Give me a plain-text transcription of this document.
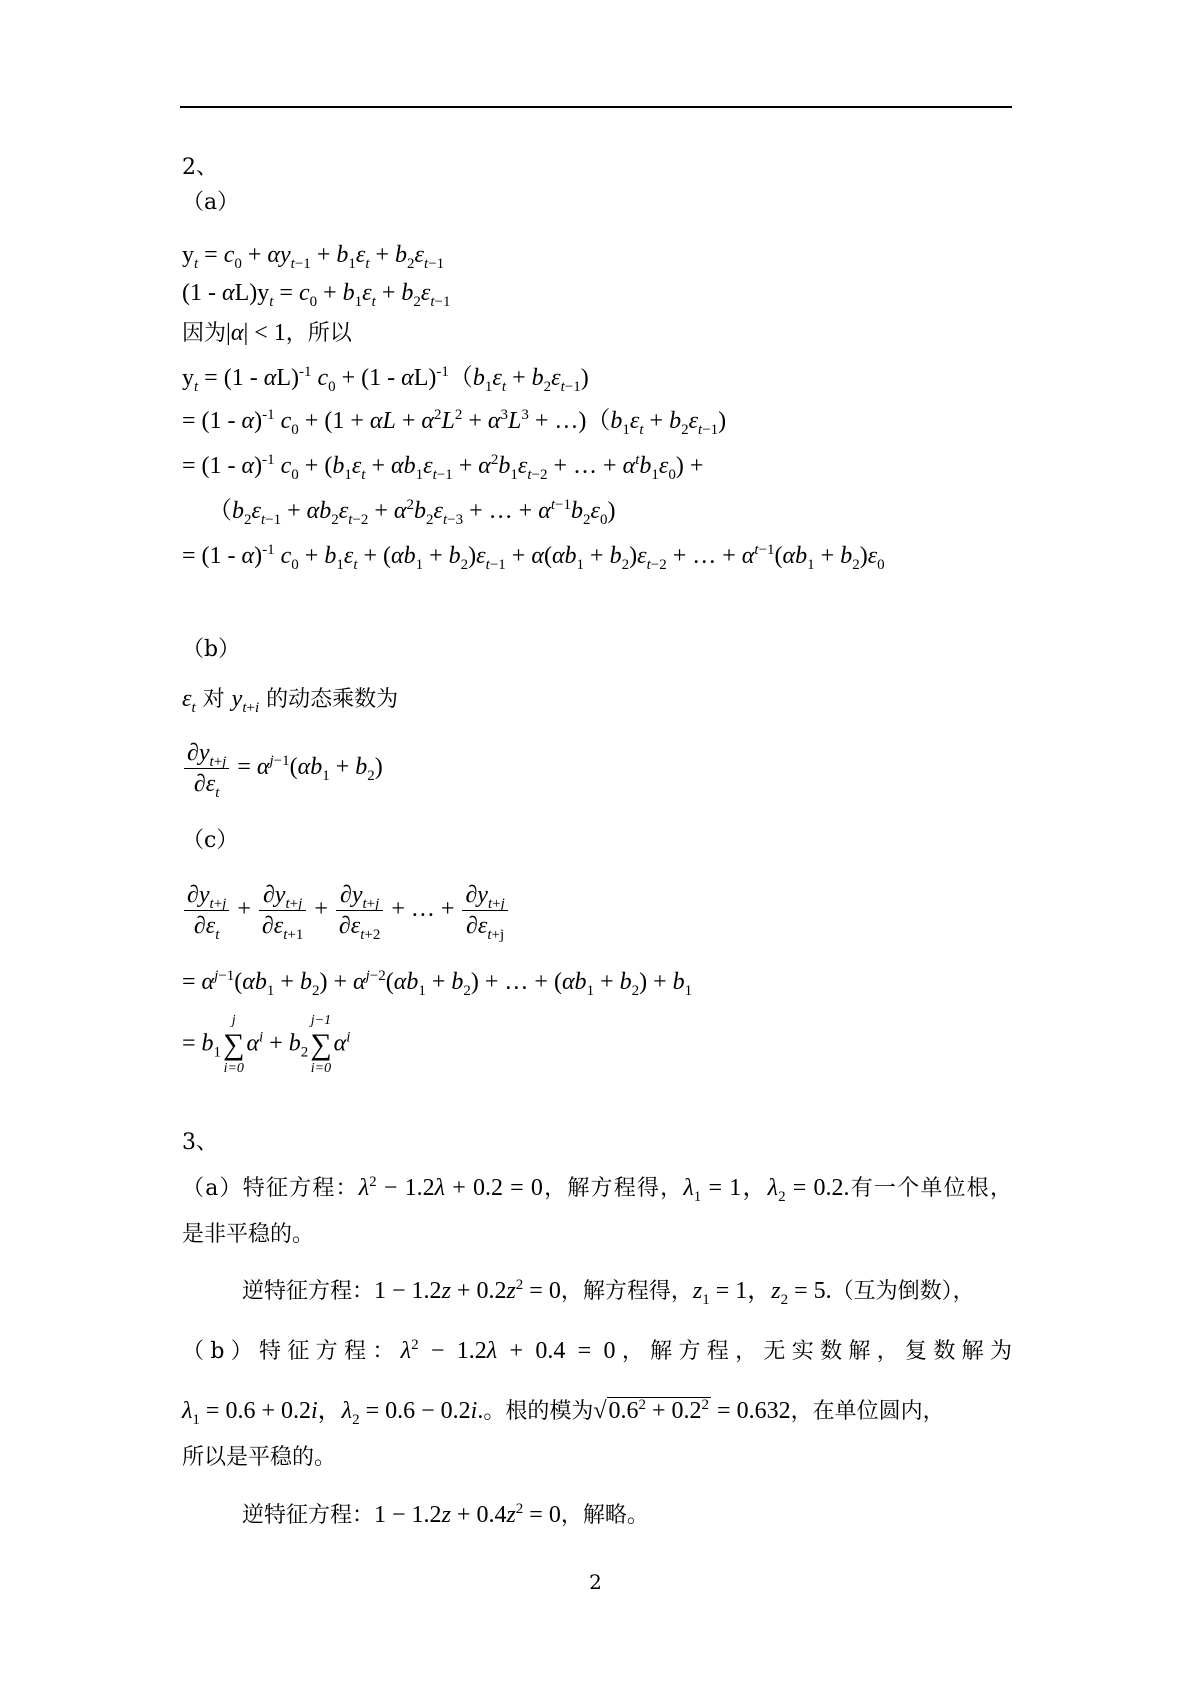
2、
（a）
$y_t = c_0 + \alpha y_{t-1} + b_1\varepsilon_t + b_2\varepsilon_{t-1}$
$(1 - \alpha L)y_t = c_0 + b_1\varepsilon_t + b_2\varepsilon_{t-1}$
因为|α| < 1，所以
$y_t = (1 - \alpha L)^{-1}$ $c_0 + (1 - \alpha L)^{-1}(b_1\varepsilon_t + b_2\varepsilon_{t-1})$
= (1 - α)$^{-1}$ $c_0 + (1 + \alpha L + \alpha^2L^2 + \alpha^3L^3$ + $\dots)(b_1\varepsilon_t + b_2\varepsilon_{t-1})$
= (1 - α)$^{-1}$ $c_0 + (b_1\varepsilon_t + \alpha b_1\varepsilon_{t-1} + \alpha^2b_1\varepsilon_{t-2}$ + … + $\alpha^tb_1\varepsilon_0$) +
（$b_2\varepsilon_{t-1} + \alpha b_2\varepsilon_{t-2} + \alpha^2b_2\varepsilon_{t-3}$ + … + $\alpha^{t-1}b_2\varepsilon_0$)
= (1 - α)$^{-1}$ $c_0 + b_1\varepsilon_t + (\alpha b_1 + b_2)\varepsilon_{t-1} + \alpha(\alpha b_1 + b_2)\varepsilon_{t-2}$ + … + $\alpha^{t-1}(\alpha b_1 + b_2)\varepsilon_0$
（b）
$\varepsilon_t$ 对 $y_{t+i}$ 的动态乘数为
$\frac{\partial y_{t+j}}{\partial\varepsilon_t} = \alpha^{j-1}(\alpha b_1 + b_2)$
（c）
$\frac{\partial y_{t+j}}{\partial\varepsilon_t} + \frac{\partial y_{t+j}}{\partial\varepsilon_{t+1}} + \frac{\partial y_{t+j}}{\partial\varepsilon_{t+2}}$ + … + $\frac{\partial y_{t+j}}{\partial\varepsilon_{t+j}}$
= $\alpha^{j-1}(\alpha b_1 + b_2) + \alpha^{j-2}(\alpha b_1 + b_2)$ + … + $(\alpha b_1 + b_2) + b_1$
= $b_1$
j
∑
i=0
$\alpha^i + b_2$
j−1
∑
i=0
$\alpha^i$
3、
（a）特征方程：$\lambda^2 - 1.2\lambda + 0.2 = 0$，解方程得，$\lambda_1 = 1$，$\lambda_2 = 0.2$.有一个单位根，
是非平稳的。
逆特征方程：$1 - 1.2z + 0.2z^2 = 0$，解方程得，$z_1 = 1$，$z_2 = 5$.（互为倒数），
（b）特征方程：$\lambda^2 - 1.2\lambda + 0.4 = 0$，解方程，无实数解，复数解为
$\lambda_1 = 0.6 + 0.2i$，$\lambda_2 = 0.6 - 0.2i$.。根的模为$√0.6^2 + 0.2^2 = 0.632$，在单位圆内，
所以是平稳的。
逆特征方程：$1 - 1.2z + 0.4z^2 = 0$，解略。
2
